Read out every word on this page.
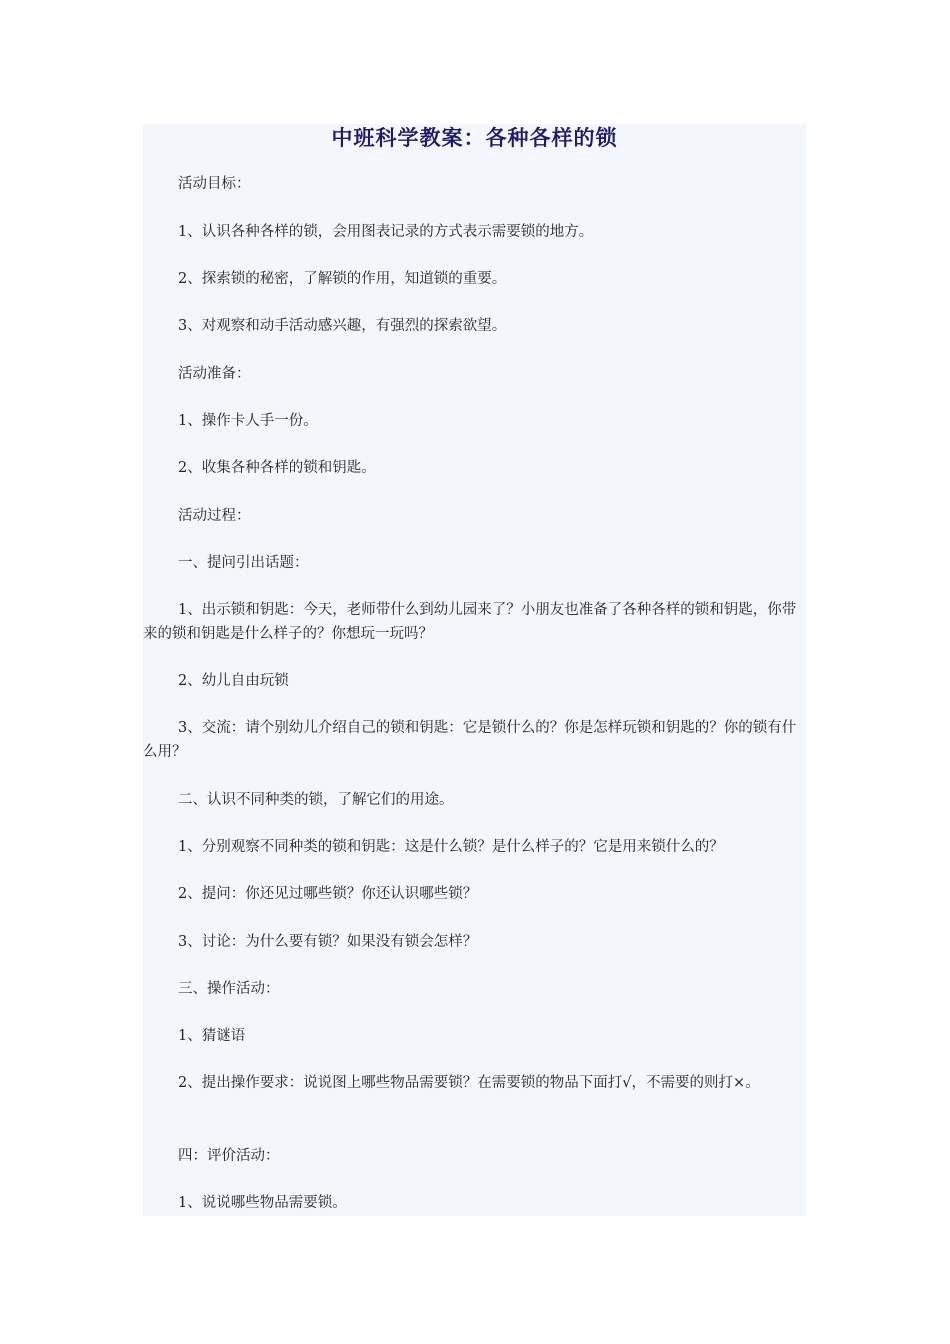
中班科学教案：各种各样的锁

活动目标：

1、认识各种各样的锁，会用图表记录的方式表示需要锁的地方。

2、探索锁的秘密，了解锁的作用，知道锁的重要。

3、对观察和动手活动感兴趣，有强烈的探索欲望。

活动准备：

1、操作卡人手一份。

2、收集各种各样的锁和钥匙。

活动过程：

一、提问引出话题：

1、出示锁和钥匙：今天，老师带什么到幼儿园来了？小朋友也准备了各种各样的锁和钥匙，你带来的锁和钥匙是什么样子的？你想玩一玩吗？

2、幼儿自由玩锁

3、交流：请个别幼儿介绍自己的锁和钥匙：它是锁什么的？你是怎样玩锁和钥匙的？你的锁有什么用？

二、认识不同种类的锁，了解它们的用途。

1、分别观察不同种类的锁和钥匙：这是什么锁？是什么样子的？它是用来锁什么的？

2、提问：你还见过哪些锁？你还认识哪些锁？

3、讨论：为什么要有锁？如果没有锁会怎样？

三、操作活动：

1、猜谜语

2、提出操作要求：说说图上哪些物品需要锁？在需要锁的物品下面打√，不需要的则打×。

四：评价活动：

1、说说哪些物品需要锁。
